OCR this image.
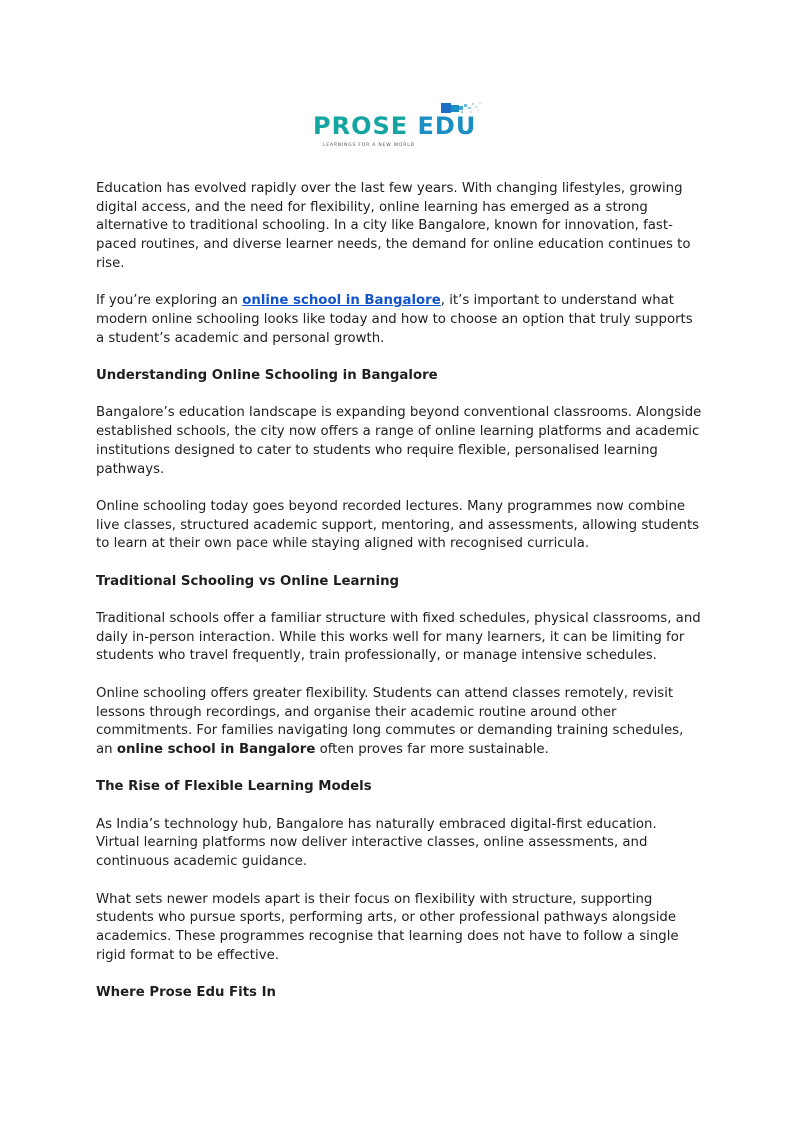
PROSE EDU
LEARNINGS FOR A NEW WORLD

Education has evolved rapidly over the last few years. With changing lifestyles, growing digital access, and the need for flexibility, online learning has emerged as a strong alternative to traditional schooling. In a city like Bangalore, known for innovation, fast-paced routines, and diverse learner needs, the demand for online education continues to rise.

If you’re exploring an online school in Bangalore, it’s important to understand what modern online schooling looks like today and how to choose an option that truly supports a student’s academic and personal growth.

Understanding Online Schooling in Bangalore

Bangalore’s education landscape is expanding beyond conventional classrooms. Alongside established schools, the city now offers a range of online learning platforms and academic institutions designed to cater to students who require flexible, personalised learning pathways.

Online schooling today goes beyond recorded lectures. Many programmes now combine live classes, structured academic support, mentoring, and assessments, allowing students to learn at their own pace while staying aligned with recognised curricula.

Traditional Schooling vs Online Learning

Traditional schools offer a familiar structure with fixed schedules, physical classrooms, and daily in-person interaction. While this works well for many learners, it can be limiting for students who travel frequently, train professionally, or manage intensive schedules.

Online schooling offers greater flexibility. Students can attend classes remotely, revisit lessons through recordings, and organise their academic routine around other commitments. For families navigating long commutes or demanding training schedules, an online school in Bangalore often proves far more sustainable.

The Rise of Flexible Learning Models

As India’s technology hub, Bangalore has naturally embraced digital-first education. Virtual learning platforms now deliver interactive classes, online assessments, and continuous academic guidance.

What sets newer models apart is their focus on flexibility with structure, supporting students who pursue sports, performing arts, or other professional pathways alongside academics. These programmes recognise that learning does not have to follow a single rigid format to be effective.

Where Prose Edu Fits In
